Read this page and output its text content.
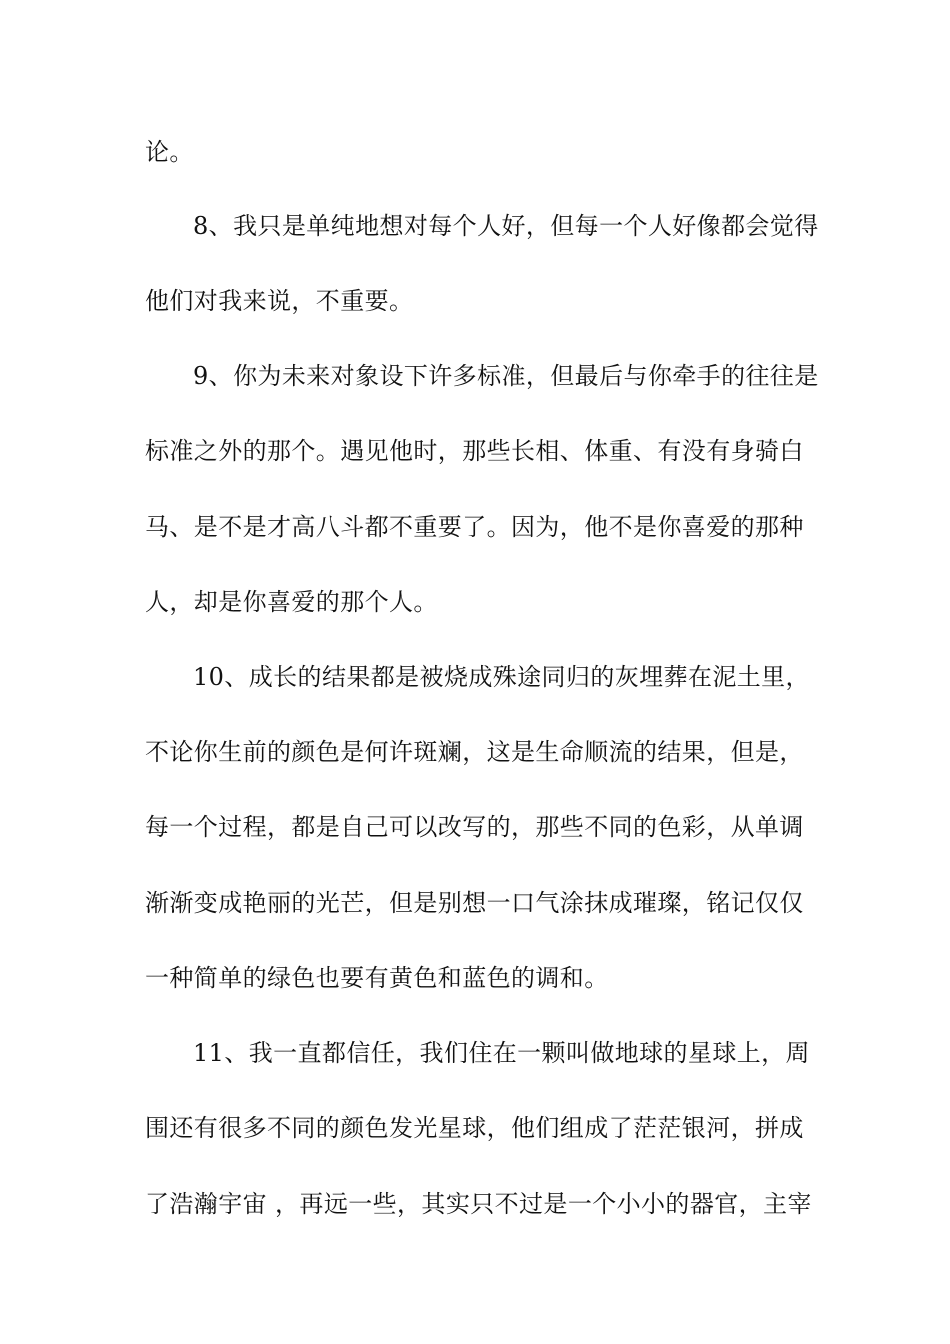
论。
8、我只是单纯地想对每个人好，但每一个人好像都会觉得
他们对我来说，不重要。
9、你为未来对象设下许多标准，但最后与你牵手的往往是
标准之外的那个。遇见他时，那些长相、体重、有没有身骑白
马、是不是才高八斗都不重要了。因为，他不是你喜爱的那种
人，却是你喜爱的那个人。
10、成长的结果都是被烧成殊途同归的灰埋葬在泥土里，
不论你生前的颜色是何许斑斓，这是生命顺流的结果，但是，
每一个过程，都是自己可以改写的，那些不同的色彩，从单调
渐渐变成艳丽的光芒，但是别想一口气涂抹成璀璨，铭记仅仅
一种简单的绿色也要有黄色和蓝色的调和。
11、我一直都信任，我们住在一颗叫做地球的星球上，周
围还有很多不同的颜色发光星球，他们组成了茫茫银河，拼成
了浩瀚宇宙 ，再远一些，其实只不过是一个小小的器官，主宰
